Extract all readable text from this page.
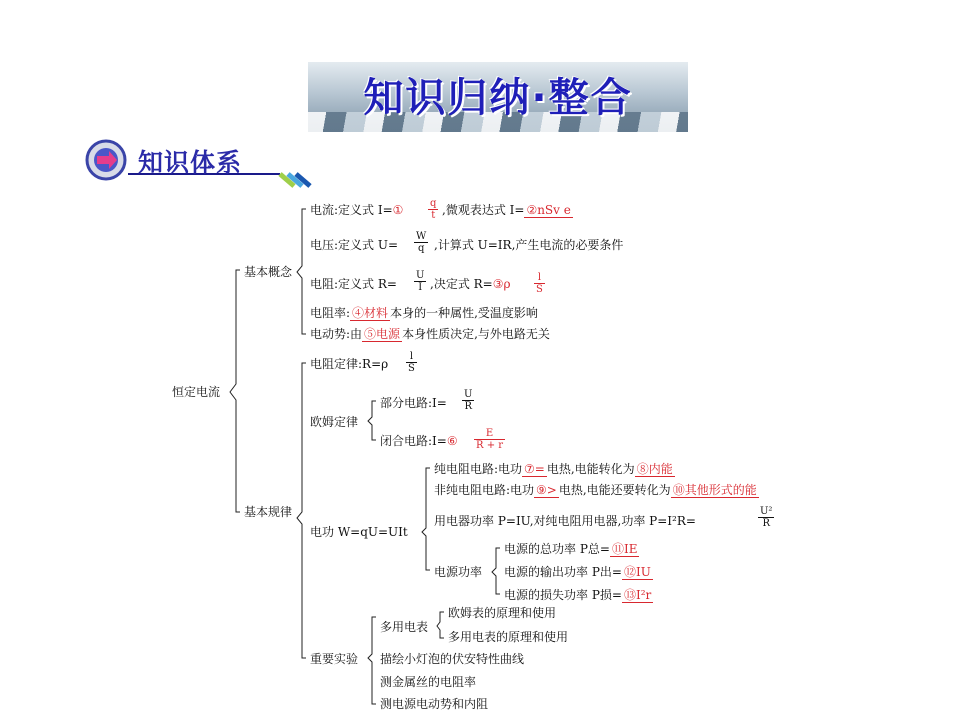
知识归纳·整合
知识体系
恒定电流
基本概念
基本规律
电流:定义式 I=① $\frac{q}{t}$ ,微观表达式 I= ②nSv e
电压:定义式 $U= \frac{W}{q}$ ,计算式 U=IR,产生电流的必要条件
电阻:定义式 $R= \frac{U}{I}$ ,决定式 R=③ρ $\frac{l}{S}$
电阻率: ④材料 本身的一种属性,受温度影响
电动势:由 ⑤电源 本身性质决定,与外电路无关
电阻定律:R=ρ $\frac{l}{S}$
欧姆定律
部分电路:I= $\frac{U}{R}$
闭合电路:I=⑥ $\frac{E}{R + r}$
电功 W=qU=UIt
纯电阻电路:电功 ⑦= 电热,电能转化为 ⑧内能
非纯电阻电路:电功 ⑨> 电热,电能还要转化为 ⑩其他形式的能
用电器功率 P=IU,对纯电阻用电器,功率 P=I²R=	$\frac{\text{U²}}{R}$
电源功率
电源的总功率 P总= ⑪IE
电源的输出功率 P出= ⑫IU
电源的损失功率 P损= ⑬I²r
重要实验
多用电表
欧姆表的原理和使用
多用电表的原理和使用
描绘小灯泡的伏安特性曲线
测金属丝的电阻率
测电源电动势和内阻
